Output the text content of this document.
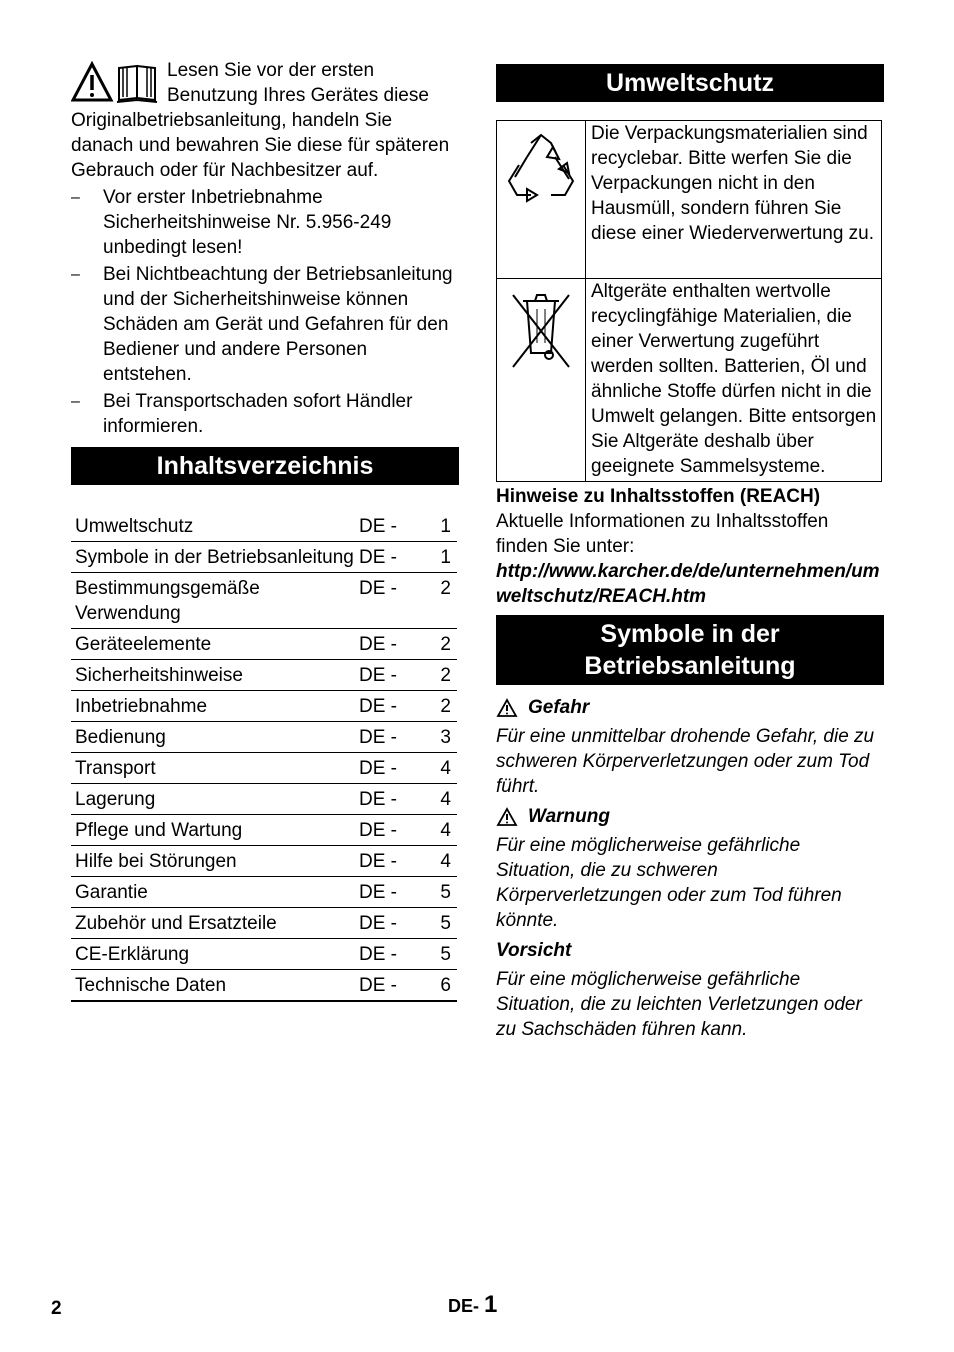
Lesen Sie vor der ersten Benutzung Ihres Gerätes diese Originalbetriebsanleitung, handeln Sie danach und bewahren Sie diese für späteren Gebrauch oder für Nachbesitzer auf.

–	Vor erster Inbetriebnahme Sicherheitshinweise Nr. 5.956-249 unbedingt lesen!
–	Bei Nichtbeachtung der Betriebsanleitung und der Sicherheitshinweise können Schäden am Gerät und Gefahren für den Bediener und andere Personen entstehen.
–	Bei Transportschaden sofort Händler informieren.
Inhaltsverzeichnis
Umweltschutz	DE -	1
Symbole in der Betriebsanleitung	DE -	1
Bestimmungsgemäße Verwendung	DE -	2
Geräteelemente	DE -	2
Sicherheitshinweise	DE -	2
Inbetriebnahme	DE -	2
Bedienung	DE -	3
Transport	DE -	4
Lagerung	DE -	4
Pflege und Wartung	DE -	4
Hilfe bei Störungen	DE -	4
Garantie	DE -	5
Zubehör und Ersatzteile	DE -	5
CE-Erklärung	DE -	5
Technische Daten	DE -	6
Umweltschutz
	Die Verpackungsmaterialien sind recyclebar. Bitte werfen Sie die Verpackungen nicht in den Hausmüll, sondern führen Sie diese einer Wiederverwertung zu.
	Altgeräte enthalten wertvolle recyclingfähige Materialien, die einer Verwertung zugeführt werden sollten. Batterien, Öl und ähnliche Stoffe dürfen nicht in die Umwelt gelangen. Bitte entsorgen Sie Altgeräte deshalb über geeignete Sammelsysteme.

Hinweise zu Inhaltsstoffen (REACH)

Aktuelle Informationen zu Inhaltsstoffen finden Sie unter:

http://www.karcher.de/de/unternehmen/umweltschutz/REACH.htm

Symbole in der
Betriebsanleitung
Gefahr

Für eine unmittelbar drohende Gefahr, die zu schweren Körperverletzungen oder zum Tod führt.

Warnung

Für eine möglicherweise gefährliche Situation, die zu schweren Körperverletzungen oder zum Tod führen könnte.

Vorsicht

Für eine möglicherweise gefährliche Situation, die zu leichten Verletzungen oder zu Sachschäden führen kann.

2	DE- 1
